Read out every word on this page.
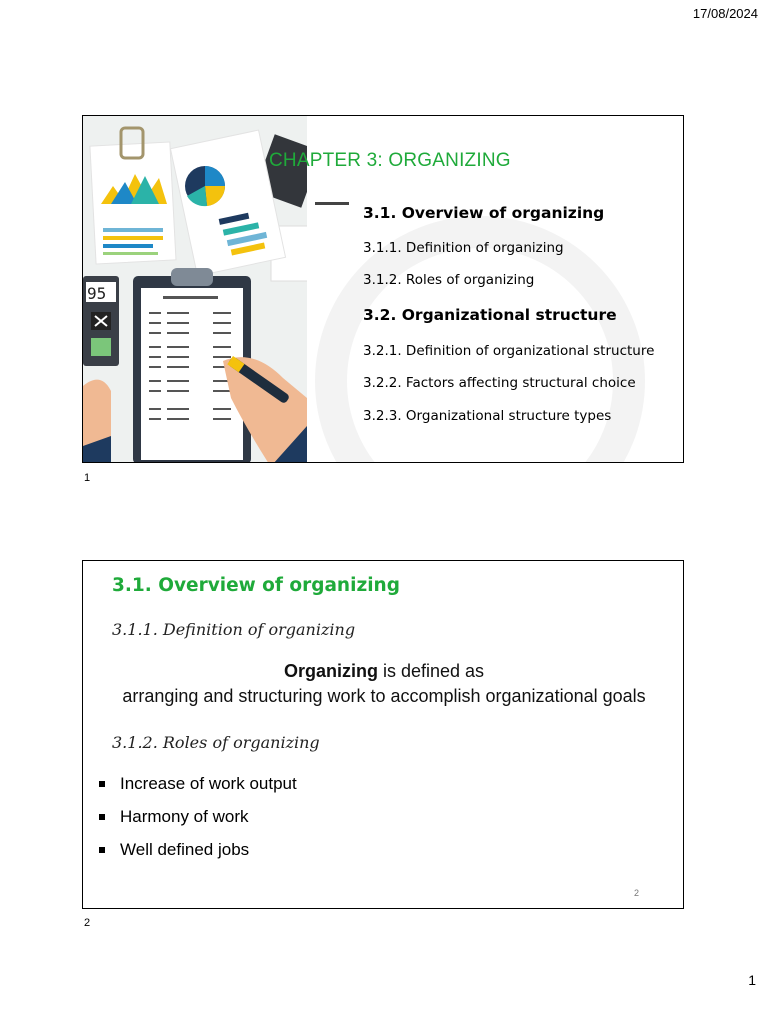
17/08/2024
95
CHAPTER 3: ORGANIZING
3.1. Overview of organizing
3.1.1. Definition of organizing
3.1.2. Roles of organizing
3.2. Organizational structure
3.2.1. Definition of organizational structure
3.2.2. Factors affecting structural choice
3.2.3. Organizational structure types
1
3.1. Overview of organizing
3.1.1. Definition of organizing
Organizing is defined as
arranging and structuring work to accomplish organizational goals
3.1.2. Roles of organizing
Increase of work output
Harmony of work
Well defined jobs
2
2
1
